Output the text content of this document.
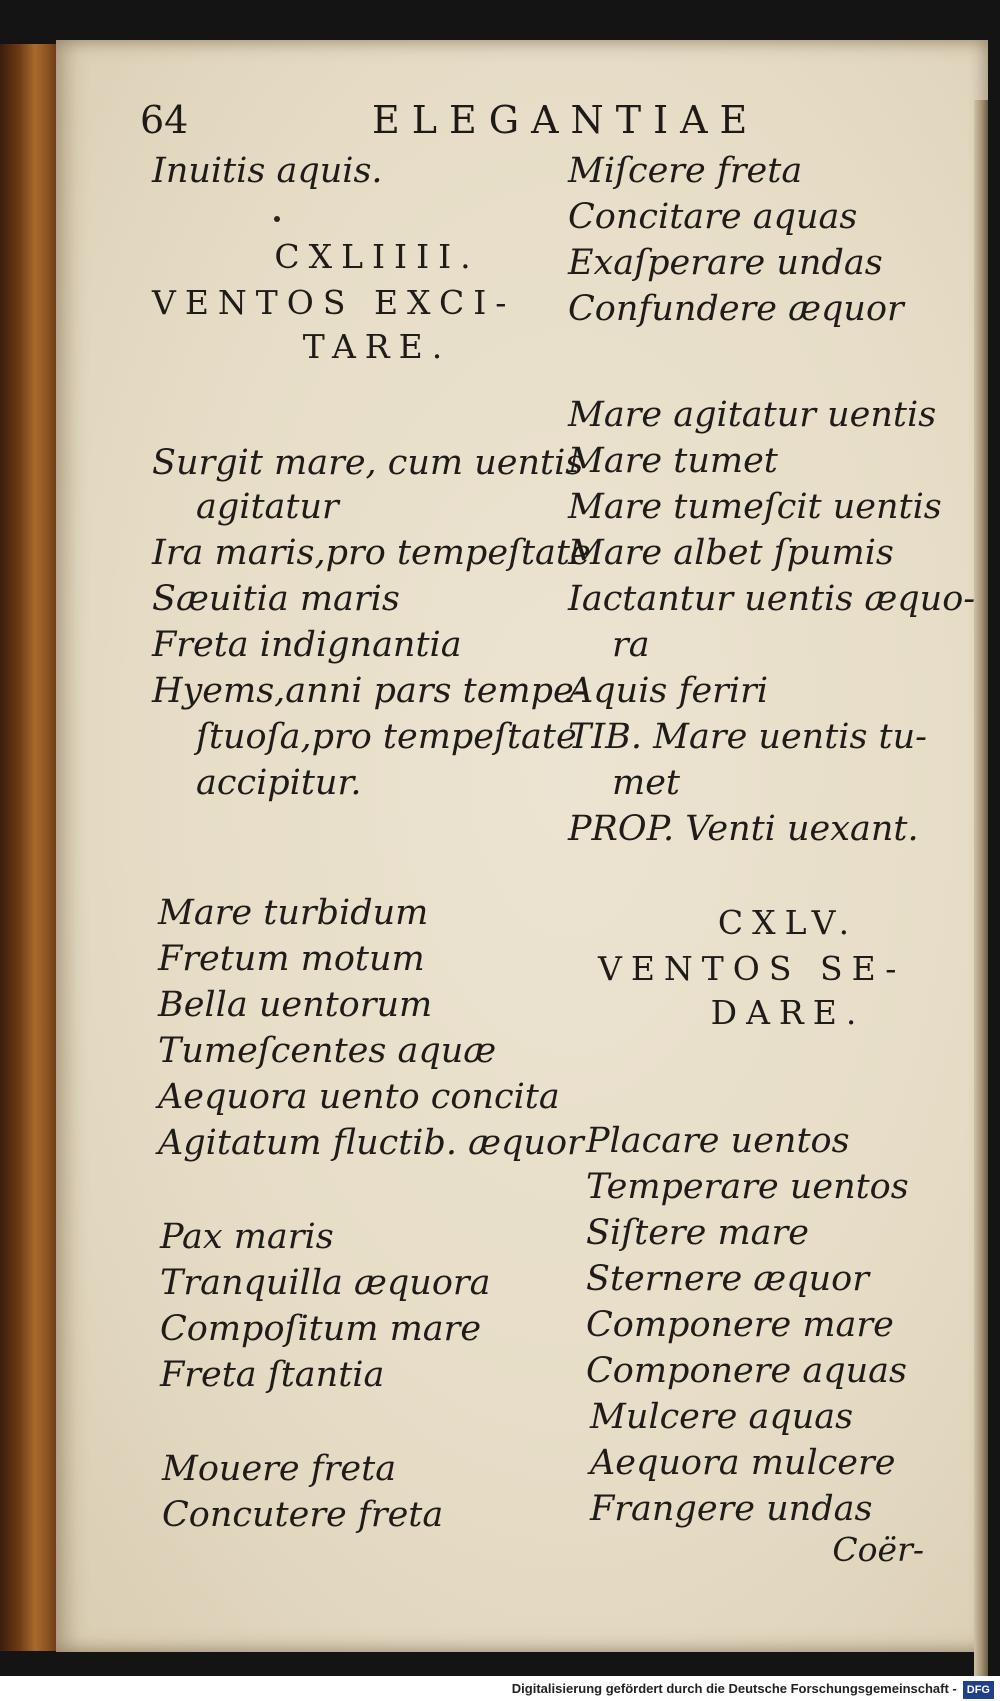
64	ELEGANTIAE
Inuitis aquis.
CXLIIII.
VENTOS EXCI-
TARE.
Surgit mare, cum uentis
agitatur
Ira maris,pro tempeſtate
Sæuitia maris
Freta indignantia
Hyems,anni pars tempe-
ſtuoſa,pro tempeſtate
accipitur.
Mare turbidum
Fretum motum
Bella uentorum
Tumeſcentes aquæ
Aequora uento concita
Agitatum fluctib. æquor
Pax maris
Tranquilla æquora
Compoſitum mare
Freta ſtantia
Mouere freta
Concutere freta
Miſcere freta
Concitare aquas
Exaſperare undas
Confundere æquor
Mare agitatur uentis
Mare tumet
Mare tumeſcit uentis
Mare albet ſpumis
Iactantur uentis æquo-
ra
Aquis feriri
TIB. Mare uentis tu-
met
PROP. Venti uexant.
CXLV.
VENTOS SE-
DARE.
Placare uentos
Temperare uentos
Siſtere mare
Sternere æquor
Componere mare
Componere aquas
Mulcere aquas
Aequora mulcere
Frangere undas
Coër-
Digitalisierung gefördert durch die Deutsche Forschungsgemeinschaft - DFG
